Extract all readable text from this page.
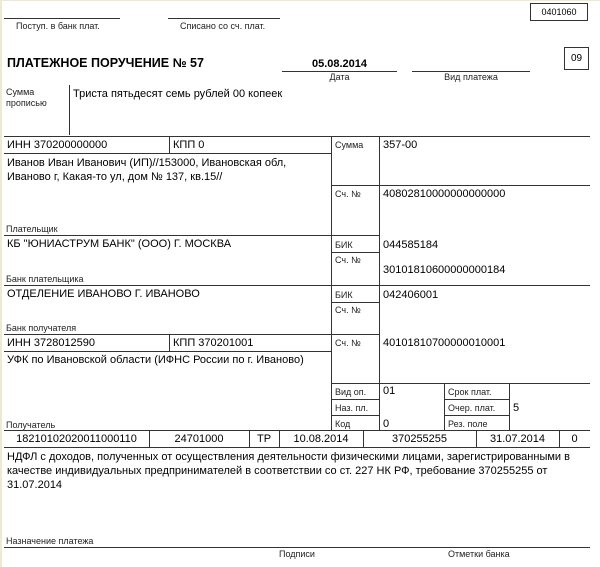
0401060
Поступ. в банк плат.	Списано со сч. плат.
ПЛАТЕЖНОЕ ПОРУЧЕНИЕ № 57	05.08.2014
Дата	Вид платежа
09
Сумма
прописью
Триста пятьдесят семь рублей 00 копеек
ИНН 370200000000	КПП 0
Иванов Иван Иванович (ИП)//153000, Ивановская обл,
Иваново г, Какая-то ул, дом № 137, кв.15//
Плательщик
Сумма 357-00
Сч. № 40802810000000000000
КБ "ЮНИАСТРУМ БАНК" (ООО) Г. МОСКВА
Банк плательщика
БИК	044585184
Сч. №
30101810600000000184
ОТДЕЛЕНИЕ ИВАНОВО Г. ИВАНОВО
Банк получателя
БИК	042406001
Сч. №
ИНН 3728012590	КПП 370201001
УФК по Ивановской области (ИФНС России по г. Иваново)
Получатель
Сч. № 40101810700000010001
Вид оп. 01
Наз. пл.
Код	0
Срок плат.
Очер. плат. 5
Рез. поле
18210102020011000110	24701000	ТР	10.08.2014	370255255	31.07.2014	0
НДФЛ с доходов, полученных от осуществления деятельности физическими лицами, зарегистрированными в
качестве индивидуальных предпринимателей в соответствии со ст. 227 НК РФ, требование 370255255 от
31.07.2014
Назначение платежа
Подписи	Отметки банка
